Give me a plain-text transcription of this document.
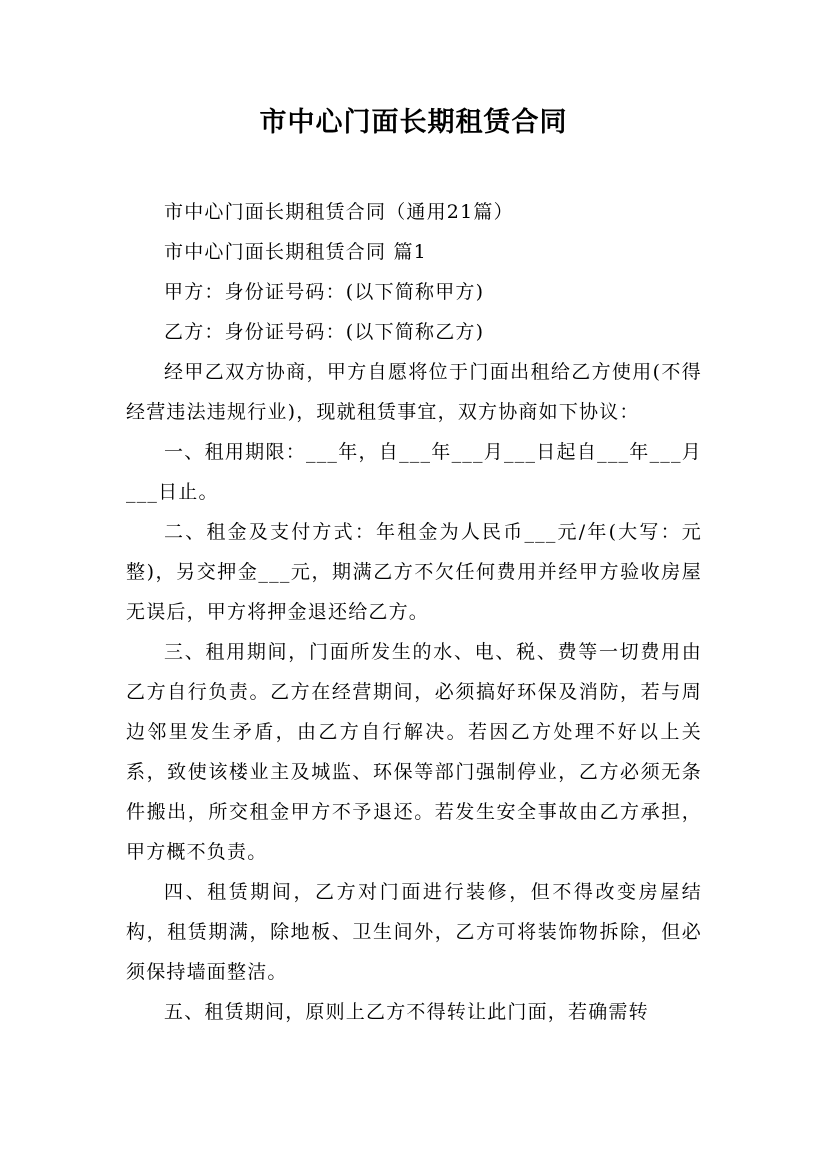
市中心门面长期租赁合同

市中心门面长期租赁合同（通用21篇）

市中心门面长期租赁合同 篇1

甲方：身份证号码：(以下简称甲方)

乙方：身份证号码：(以下简称乙方)

经甲乙双方协商，甲方自愿将位于门面出租给乙方使用(不得经营违法违规行业)，现就租赁事宜，双方协商如下协议：

一、租用期限：___年，自___年___月___日起自___年___月___日止。

二、租金及支付方式：年租金为人民币___元/年(大写：元整)，另交押金___元，期满乙方不欠任何费用并经甲方验收房屋无误后，甲方将押金退还给乙方。

三、租用期间，门面所发生的水、电、税、费等一切费用由乙方自行负责。乙方在经营期间，必须搞好环保及消防，若与周边邻里发生矛盾，由乙方自行解决。若因乙方处理不好以上关系，致使该楼业主及城监、环保等部门强制停业，乙方必须无条件搬出，所交租金甲方不予退还。若发生安全事故由乙方承担，甲方概不负责。

四、租赁期间，乙方对门面进行装修，但不得改变房屋结构，租赁期满，除地板、卫生间外，乙方可将装饰物拆除，但必须保持墙面整洁。

五、租赁期间，原则上乙方不得转让此门面，若确需转
